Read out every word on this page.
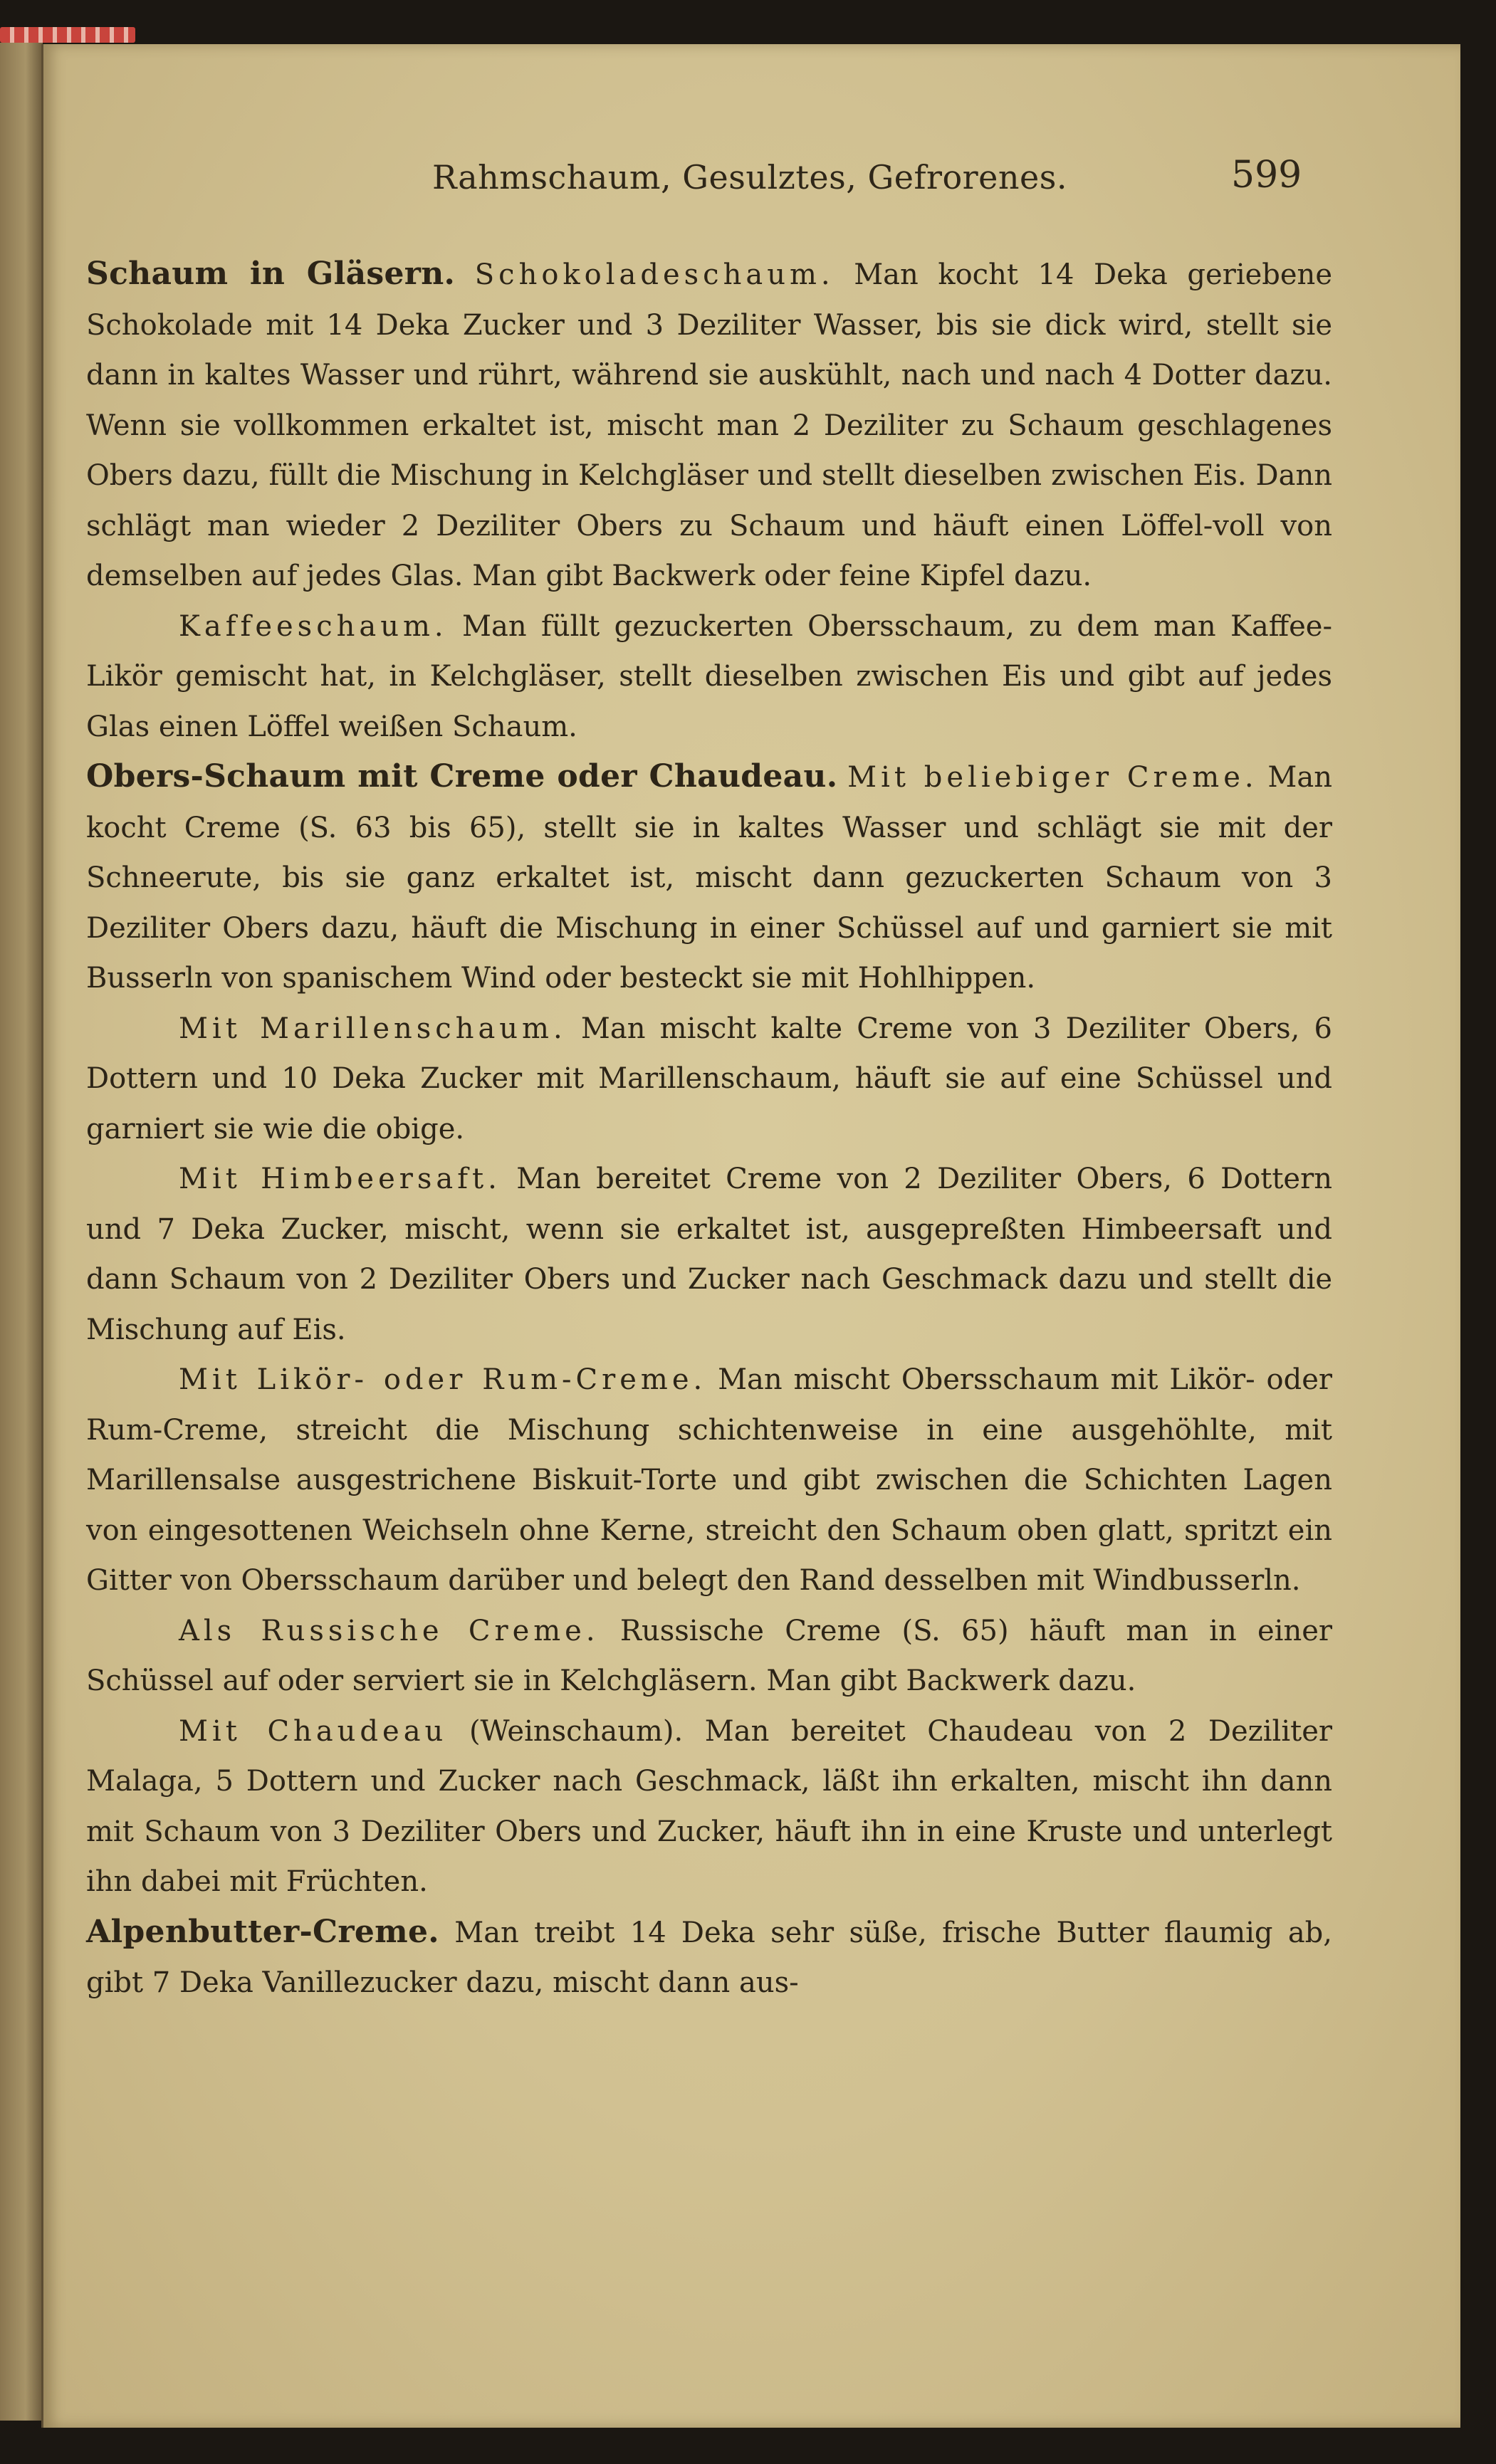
Rahmschaum, Gesulztes, Gefrorenes.	599

Schaum in Gläsern. Schokoladeschaum. Man kocht 14 Deka geriebene Schokolade mit 14 Deka Zucker und 3 Deziliter Wasser, bis sie dick wird, stellt sie dann in kaltes Wasser und rührt, während sie auskühlt, nach und nach 4 Dotter dazu. Wenn sie vollkommen erkaltet ist, mischt man 2 Deziliter zu Schaum geschlagenes Obers dazu, füllt die Mischung in Kelchgläser und stellt dieselben zwischen Eis. Dann schlägt man wieder 2 Deziliter Obers zu Schaum und häuft einen Löffel-voll von demselben auf jedes Glas. Man gibt Backwerk oder feine Kipfel dazu.

Kaffeeschaum. Man füllt gezuckerten Obersschaum, zu dem man Kaffee-Likör gemischt hat, in Kelchgläser, stellt dieselben zwischen Eis und gibt auf jedes Glas einen Löffel weißen Schaum.

Obers-Schaum mit Creme oder Chaudeau. Mit beliebiger Creme. Man kocht Creme (S. 63 bis 65), stellt sie in kaltes Wasser und schlägt sie mit der Schneerute, bis sie ganz erkaltet ist, mischt dann gezuckerten Schaum von 3 Deziliter Obers dazu, häuft die Mischung in einer Schüssel auf und garniert sie mit Busserln von spanischem Wind oder besteckt sie mit Hohlhippen.

Mit Marillenschaum. Man mischt kalte Creme von 3 Deziliter Obers, 6 Dottern und 10 Deka Zucker mit Marillenschaum, häuft sie auf eine Schüssel und garniert sie wie die obige.

Mit Himbeersaft. Man bereitet Creme von 2 Deziliter Obers, 6 Dottern und 7 Deka Zucker, mischt, wenn sie erkaltet ist, ausgepreßten Himbeersaft und dann Schaum von 2 Deziliter Obers und Zucker nach Geschmack dazu und stellt die Mischung auf Eis.

Mit Likör- oder Rum-Creme. Man mischt Obersschaum mit Likör- oder Rum-Creme, streicht die Mischung schichtenweise in eine ausgehöhlte, mit Marillensalse ausgestrichene Biskuit-Torte und gibt zwischen die Schichten Lagen von eingesottenen Weichseln ohne Kerne, streicht den Schaum oben glatt, spritzt ein Gitter von Obersschaum darüber und belegt den Rand desselben mit Windbusserln.

Als Russische Creme. Russische Creme (S. 65) häuft man in einer Schüssel auf oder serviert sie in Kelchgläsern. Man gibt Backwerk dazu.

Mit Chaudeau (Weinschaum). Man bereitet Chaudeau von 2 Deziliter Malaga, 5 Dottern und Zucker nach Geschmack, läßt ihn erkalten, mischt ihn dann mit Schaum von 3 Deziliter Obers und Zucker, häuft ihn in eine Kruste und unterlegt ihn dabei mit Früchten.

Alpenbutter-Creme. Man treibt 14 Deka sehr süße, frische Butter flaumig ab, gibt 7 Deka Vanillezucker dazu, mischt dann aus-
